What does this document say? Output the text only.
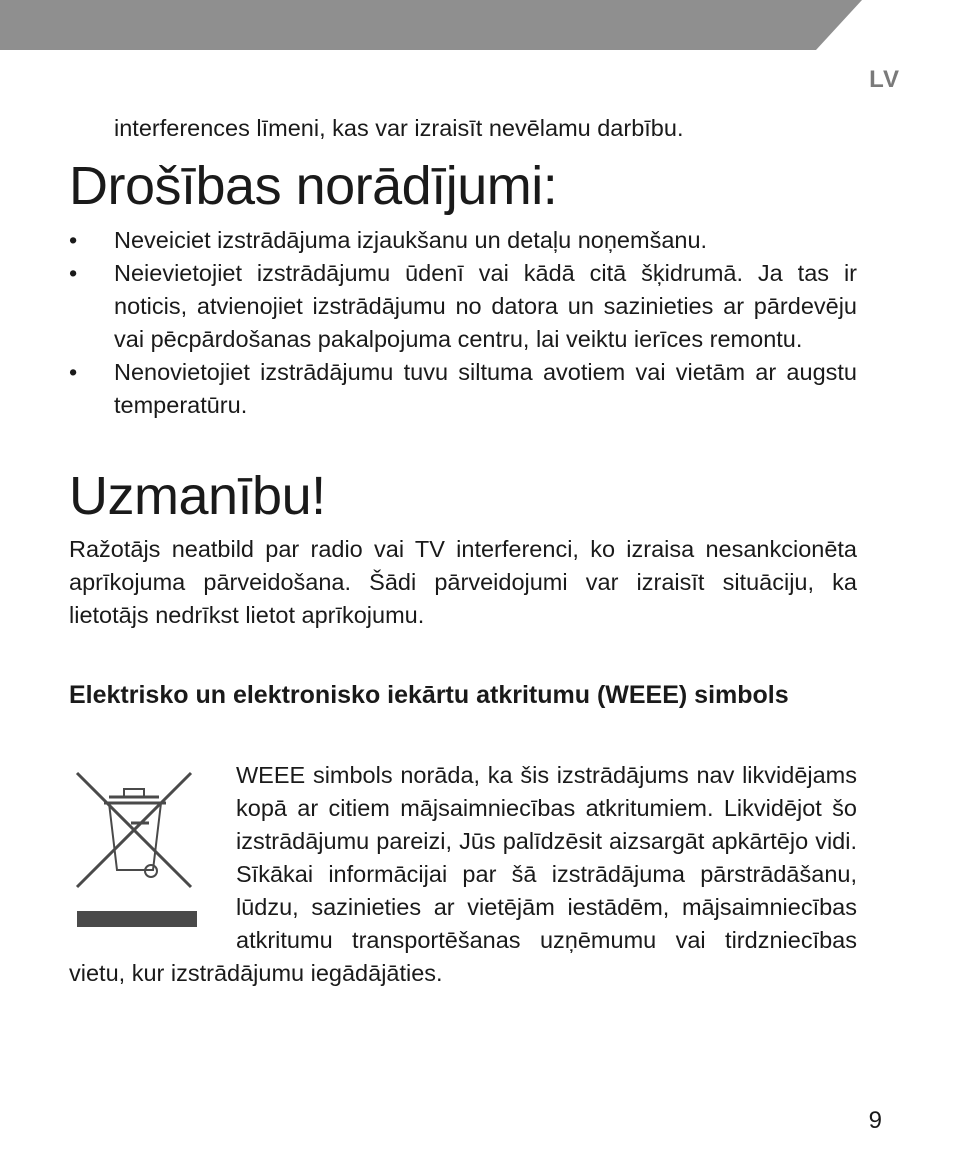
LV

interferences līmeni, kas var izraisīt nevēlamu darbību.

Drošības norādījumi:
• Neveiciet izstrādājuma izjaukšanu un detaļu noņemšanu.
• Neievietojiet izstrādājumu ūdenī vai kādā citā šķidrumā. Ja tas ir noticis, atvienojiet izstrādājumu no datora un sazinieties ar pārdevēju vai pēcpārdošanas pakalpojuma centru, lai veiktu ierīces remontu.
• Nenovietojiet izstrādājumu tuvu siltuma avotiem vai vietām ar augstu temperatūru.
Uzmanību!

Ražotājs neatbild par radio vai TV interferenci, ko izraisa nesankcionēta aprīkojuma pārveidošana. Šādi pārveidojumi var izraisīt situāciju, ka lietotājs nedrīkst lietot aprīkojumu.

Elektrisko un elektronisko iekārtu atkritumu (WEEE) simbols

WEEE simbols norāda, ka šis izstrādājums nav likvidējams kopā ar citiem mājsaimniecības atkritumiem. Likvidējot šo izstrādājumu pareizi, Jūs palīdzēsit aizsargāt apkārtējo vidi. Sīkākai informācijai par šā izstrādājuma pārstrādāšanu, lūdzu, sazinieties ar vietējām iestādēm, mājsaimniecības atkritumu transportēšanas uzņēmumu vai tirdzniecības vietu, kur izstrādājumu iegādājāties.

9
